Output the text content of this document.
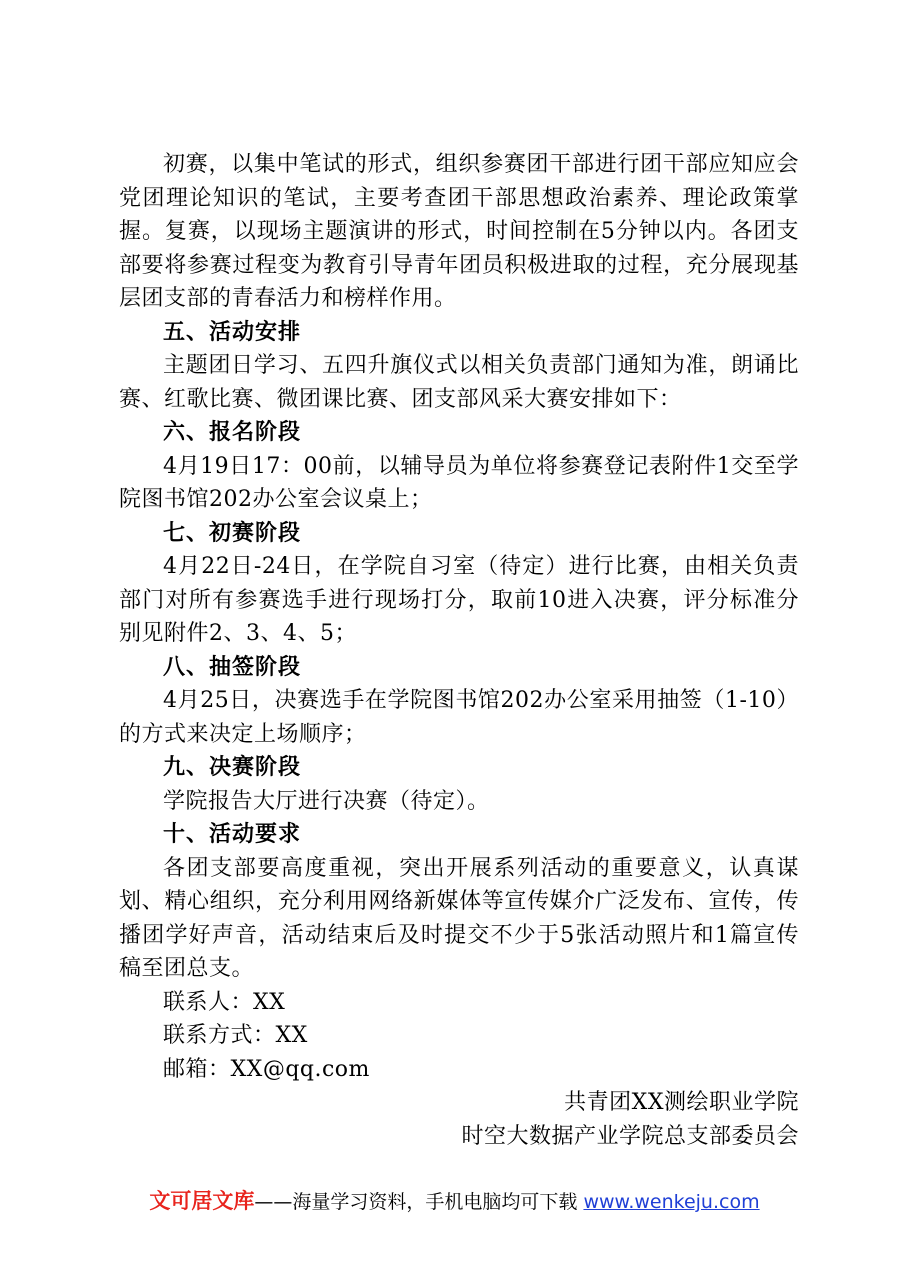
初赛，以集中笔试的形式，组织参赛团干部进行团干部应知应会党团理论知识的笔试，主要考查团干部思想政治素养、理论政策掌握。复赛，以现场主题演讲的形式，时间控制在5分钟以内。各团支部要将参赛过程变为教育引导青年团员积极进取的过程，充分展现基层团支部的青春活力和榜样作用。

五、活动安排

主题团日学习、五四升旗仪式以相关负责部门通知为准，朗诵比赛、红歌比赛、微团课比赛、团支部风采大赛安排如下：

六、报名阶段

4月19日17：00前，以辅导员为单位将参赛登记表附件1交至学院图书馆202办公室会议桌上；

七、初赛阶段

4月22日-24日，在学院自习室（待定）进行比赛，由相关负责部门对所有参赛选手进行现场打分，取前10进入决赛，评分标准分别见附件2、3、4、5；

八、抽签阶段

4月25日，决赛选手在学院图书馆202办公室采用抽签（1-10）的方式来决定上场顺序；

九、决赛阶段

学院报告大厅进行决赛（待定）。

十、活动要求

各团支部要高度重视，突出开展系列活动的重要意义，认真谋划、精心组织，充分利用网络新媒体等宣传媒介广泛发布、宣传，传播团学好声音，活动结束后及时提交不少于5张活动照片和1篇宣传稿至团总支。

联系人：XX

联系方式：XX

邮箱：XX@qq.com

共青团XX测绘职业学院

时空大数据产业学院总支部委员会

文可居文库——海量学习资料，手机电脑均可下载 www.wenkeju.com
